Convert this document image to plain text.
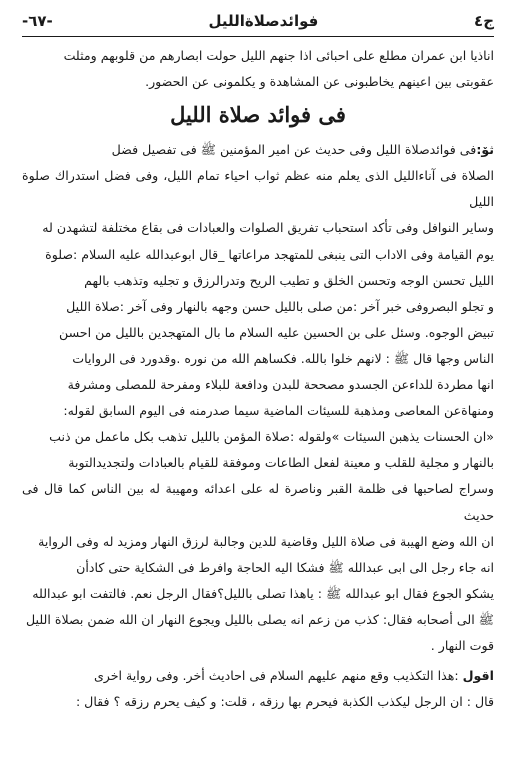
ج٤
فوائدصلاةالليل
-٦٧-

اناذيا ابن عمران مطلع على احبائى اذا جنهم الليل حولت ابصارهم من قلوبهم ومثلت

عقوبتى بين اعينهم يخاطبونى عن المشاهدة و يكلمونى عن الحضور.

فى فوائد صلاة الليل

ثۆ:فى فوائدصلاة الليل وفى حديث عن امير المؤمنين ﷺ فى تفصيل فضل

الصلاة فى آناءالليل الذى يعلم منه عظم ثواب احياء تمام الليل، وفى فضل استدراك صلوة الليل

وساير النوافل وفى تأكد استحباب تفريق الصلوات والعبادات فى بقاع مختلفة لتشهدن له

يوم القيامة وفى الاداب التى ينبغى للمتهجد مراعاتها _قال ابوعبدالله عليه السلام :صلوة

الليل تحسن الوجه وتحسن الخلق و تطيب الريح وتدرالرزق و تجليه وتذهب بالهم

و تجلو البصروفى خبر آخر :من صلى بالليل حسن وجهه بالنهار وفى آخر :صلاة الليل

تبيض الوجوه. وسئل على بن الحسين عليه السلام ما بال المتهجدين بالليل من احسن

الناس وجها قال ﷺ : لانهم خلوا بالله. فكساهم الله من نوره .وقدورد فى الروايات

انها مطردة للداءعن الجسدو مصححة للبدن ودافعة للبلاء ومفرحة للمصلى ومشرفة

ومنهاةعن المعاصى ومذهبة للسيئات الماضية سيما صدرمنه فى اليوم السابق لقوله:

«ان الحسنات يذهبن السيئات »ولقوله :صلاة المؤمن بالليل تذهب بكل ماعمل من ذنب

بالنهار و مجلية للقلب و معينة لفعل الطاعات وموفقة للقيام بالعبادات ولتجديدالتوبة

وسراج لصاحبها فى ظلمة القبر وناصرة له على اعدائه ومهيبة له بين الناس كما قال فى حديث

ان الله وضع الهيبة فى صلاة الليل وقاضية للدين وجالبة لرزق النهار ومزيد له وفى الرواية

انه جاء رجل الى ابى عبدالله ﷺ فشكا اليه الحاجة وافرط فى الشكاية حتى كادأن

يشكو الجوع فقال ابو عبدالله ﷺ : ياهذا تصلى بالليل؟فقال الرجل نعم. فالتفت ابو عبدالله

ﷺ الى أصحابه فقال: كذب من زعم انه يصلى بالليل ويجوع النهار ان الله ضمن بصلاة الليل

قوت النهار .

اقول :هذا التكذيب وقع منهم عليهم السلام فى احاديث أخر. وفى رواية اخرى

قال : ان الرجل ليكذب الكذبة فيحرم بها رزقه ، قلت: و كيف يحرم رزقه ؟ فقال :
